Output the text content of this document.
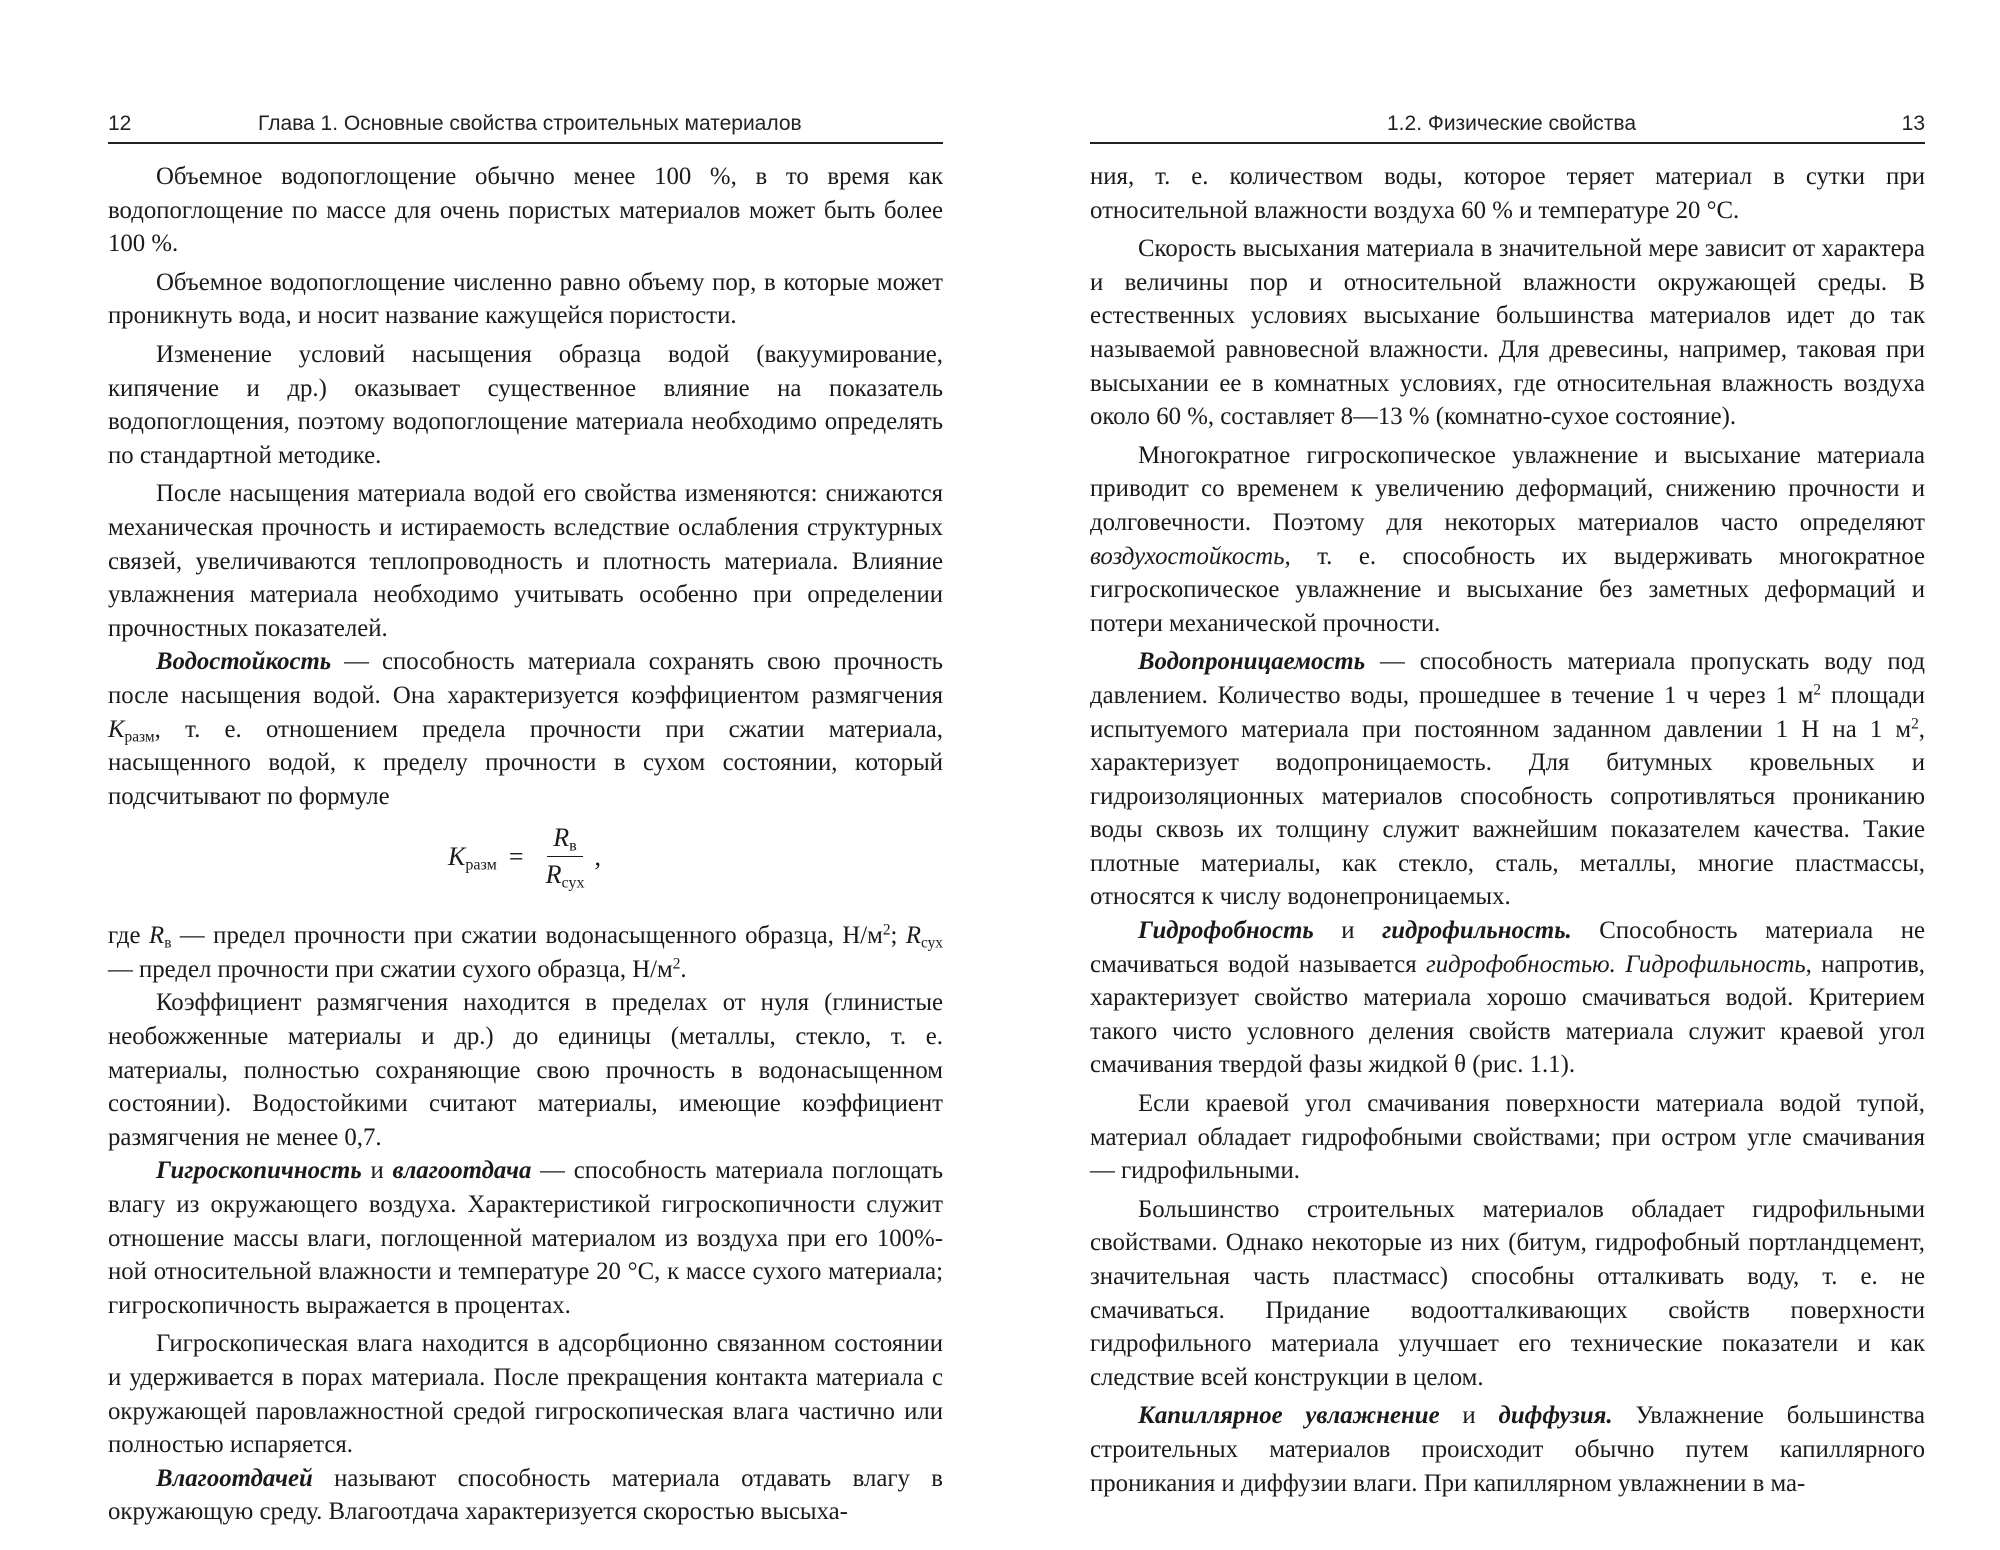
12	Глава 1. Основные свойства строительных материалов

Объемное водопоглощение обычно менее 100 %, в то время как водопоглощение по массе для очень пористых материалов может быть более 100 %.

Объемное водопоглощение численно равно объему пор, в которые может проникнуть вода, и носит название кажущейся пористости.

Изменение условий насыщения образца водой (вакуумирование, кипячение и др.) оказывает существенное влияние на показатель водопоглощения, поэтому водопоглощение материала необходимо определять по стандартной методике.

После насыщения материала водой его свойства изменяются: снижаются механическая прочность и истираемость вследствие ослабления структурных связей, увеличиваются теплопроводность и плотность материала. Влияние увлажнения материала необходимо учитывать особенно при определении прочностных показателей.

Водостойкость — способность материала сохранять свою прочность после насыщения водой. Она характеризуется коэффициентом размягчения $K_{разм}$, т. е. отношением предела прочности при сжатии материала, насыщенного водой, к пределу прочности в сухом состоянии, который подсчитывают по формуле

$K_{разм} = \frac{R_в}{R_{сух}}$ ,

где $R_в$ — предел прочности при сжатии водонасыщенного образца, $Н/м^2$; $R_{сух}$ — предел прочности при сжатии сухого образца, $Н/м^2$.

Коэффициент размягчения находится в пределах от нуля (глинистые необожженные материалы и др.) до единицы (металлы, стекло, т. е. материалы, полностью сохраняющие свою прочность в водонасыщенном состоянии). Водостойкими считают материалы, имеющие коэффициент размягчения не менее 0,7.

Гигроскопичность и влагоотдача — способность материала поглощать влагу из окружающего воздуха. Характеристикой гигроскопичности служит отношение массы влаги, поглощенной материалом из воздуха при его 100%-ной относительной влажности и температуре 20 °С, к массе сухого материала; гигроскопичность выражается в процентах.

Гигроскопическая влага находится в адсорбционно связанном состоянии и удерживается в порах материала. После прекращения контакта материала с окружающей паровлажностной средой гигроскопическая влага частично или полностью испаряется.

Влагоотдачей называют способность материала отдавать влагу в окружающую среду. Влагоотдача характеризуется скоростью высыха-

1.2. Физические свойства	13

ния, т. е. количеством воды, которое теряет материал в сутки при относительной влажности воздуха 60 % и температуре 20 °С.

Скорость высыхания материала в значительной мере зависит от характера и величины пор и относительной влажности окружающей среды. В естественных условиях высыхание большинства материалов идет до так называемой равновесной влажности. Для древесины, например, таковая при высыхании ее в комнатных условиях, где относительная влажность воздуха около 60 %, составляет 8—13 % (комнатно-сухое состояние).

Многократное гигроскопическое увлажнение и высыхание материала приводит со временем к увеличению деформаций, снижению прочности и долговечности. Поэтому для некоторых материалов часто определяют воздухостойкость, т. е. способность их выдерживать многократное гигроскопическое увлажнение и высыхание без заметных деформаций и потери механической прочности.

Водопроницаемость — способность материала пропускать воду под давлением. Количество воды, прошедшее в течение 1 ч через 1 $м^2$ площади испытуемого материала при постоянном заданном давлении 1 Н на 1 $м^2$, характеризует водопроницаемость. Для битумных кровельных и гидроизоляционных материалов способность сопротивляться прониканию воды сквозь их толщину служит важнейшим показателем качества. Такие плотные материалы, как стекло, сталь, металлы, многие пластмассы, относятся к числу водонепроницаемых.

Гидрофобность и гидрофильность. Способность материала не смачиваться водой называется гидрофобностью. Гидрофильность, напротив, характеризует свойство материала хорошо смачиваться водой. Критерием такого чисто условного деления свойств материала служит краевой угол смачивания твердой фазы жидкой θ (рис. 1.1).

Если краевой угол смачивания поверхности материала водой тупой, материал обладает гидрофобными свойствами; при остром угле смачивания — гидрофильными.

Большинство строительных материалов обладает гидрофильными свойствами. Однако некоторые из них (битум, гидрофобный портландцемент, значительная часть пластмасс) способны отталкивать воду, т. е. не смачиваться. Придание водоотталкивающих свойств поверхности гидрофильного материала улучшает его технические показатели и как следствие всей конструкции в целом.

Капиллярное увлажнение и диффузия. Увлажнение большинства строительных материалов происходит обычно путем капиллярного проникания и диффузии влаги. При капиллярном увлажнении в ма-
